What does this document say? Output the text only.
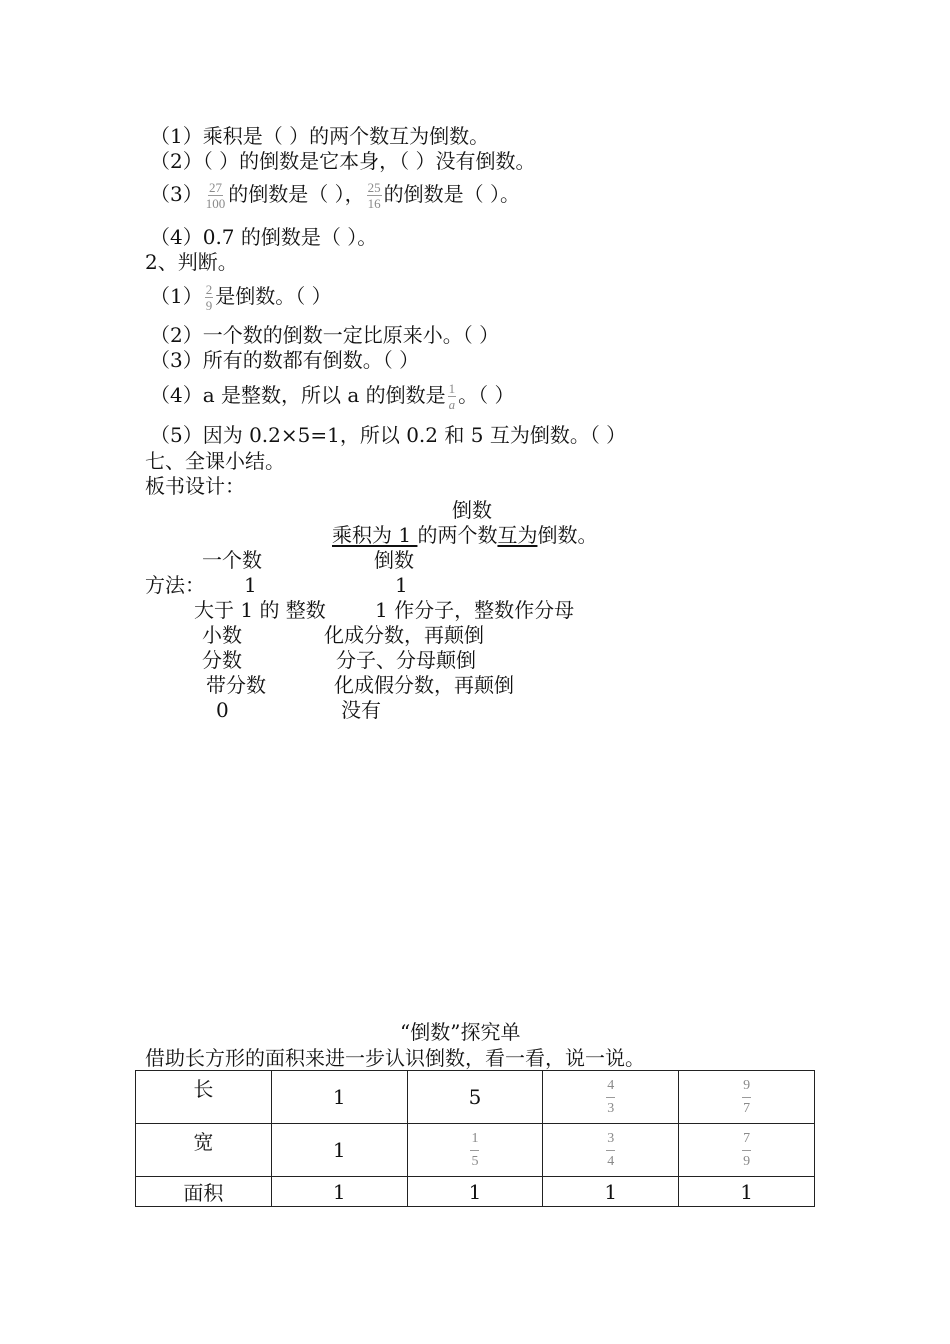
（1）乘积是（ ）的两个数互为倒数。
（2）（ ）的倒数是它本身，（ ）没有倒数。
$(3) \frac{27}{100}$ 的倒数是（ ）， $\frac{25}{16}$ 的倒数是（ ）。
（4）0.7 的倒数是（ ）。
2、判断。
$(1) \frac{2}{9}$ 是倒数。（ ）
（2）一个数的倒数一定比原来小。（ ）
（3）所有的数都有倒数。（ ）
（4）a 是整数，所以 a 的倒数是 $\frac{1}{a}$ 。（ ）
（5）因为 0.2×5=1，所以 0.2 和 5 互为倒数。（ ）
七、全课小结。
板书设计：
倒数
乘积为 1 的两个数互为倒数。
一个数	倒数
方法： 1	1
大于 1 的 整数 1 作分子，整数作分母
小数	化成分数，再颠倒
分数	分子、分母颠倒
带分数	化成假分数，再颠倒
0	没有
“倒数”探究单
借助长方形的面积来进一步认识倒数，看一看，说一说。
长	1	5	$\frac{4}{3}$	$\frac{9}{7}$

宽	1	$\frac{1}{5}$	$\frac{3}{4}$	$\frac{7}{9}$

面积	1	1	1	1
